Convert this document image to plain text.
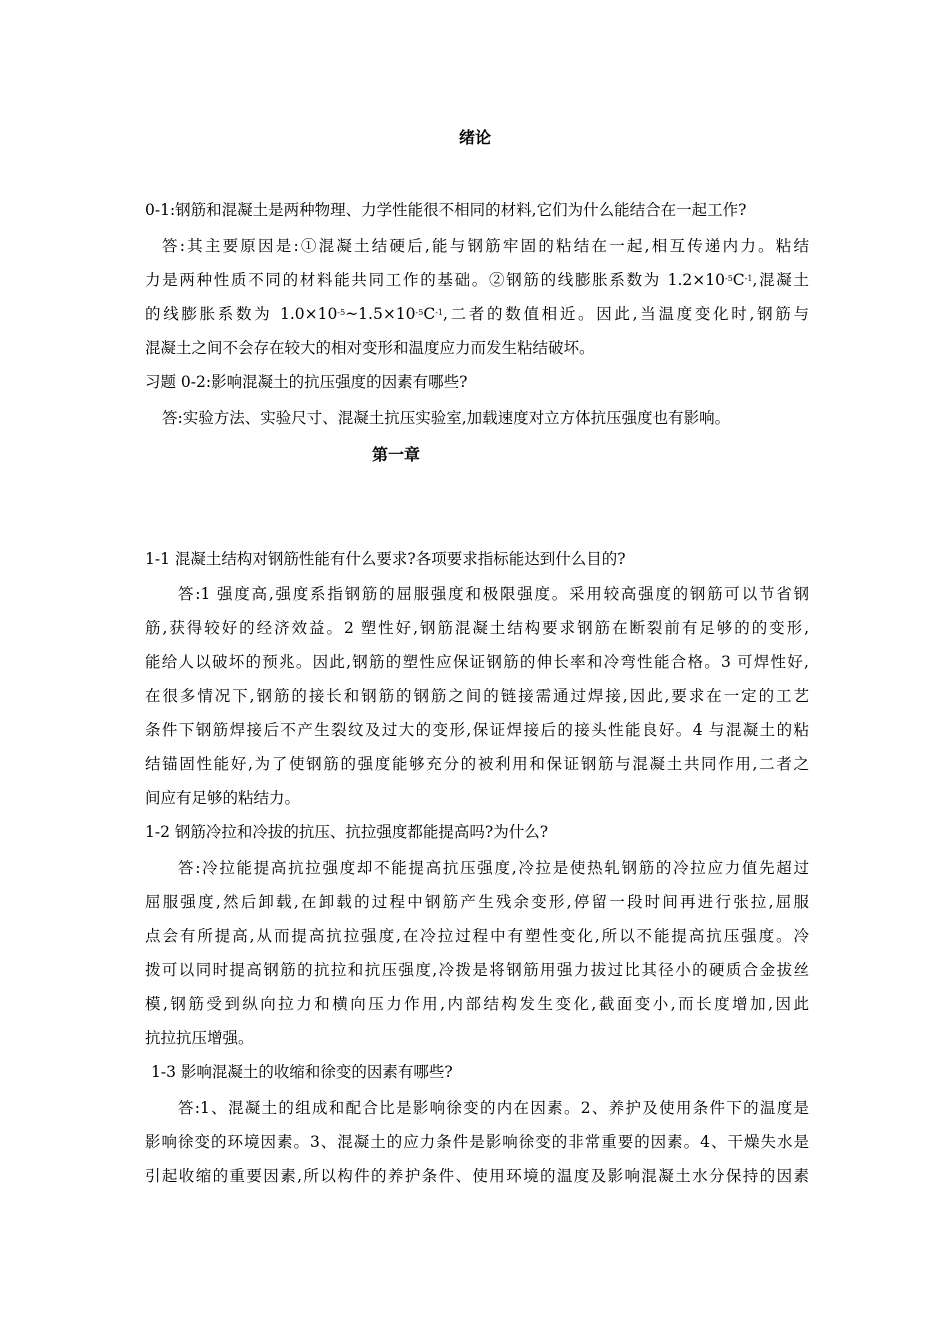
绪论
0-1:钢筋和混凝土是两种物理、力学性能很不相同的材料,它们为什么能结合在一起工作?
答:其主要原因是:①混凝土结硬后,能与钢筋牢固的粘结在一起,相互传递内力。粘结
力是两种性质不同的材料能共同工作的基础。②钢筋的线膨胀系数为 $1.2\times 10^{-5}C^{-1}$,混凝土
的线膨胀系数为 $1.0\times 10^{-5}\sim 1.5\times 10^{-5}C^{-1}$,二者的数值相近。因此,当温度变化时,钢筋与
混凝土之间不会存在较大的相对变形和温度应力而发生粘结破坏。
习题 0-2:影响混凝土的抗压强度的因素有哪些?
答:实验方法、实验尺寸、混凝土抗压实验室,加载速度对立方体抗压强度也有影响。
第一章
1-1 混凝土结构对钢筋性能有什么要求?各项要求指标能达到什么目的?
答:1 强度高,强度系指钢筋的屈服强度和极限强度。采用较高强度的钢筋可以节省钢
筋,获得较好的经济效益。2 塑性好,钢筋混凝土结构要求钢筋在断裂前有足够的的变形,
能给人以破坏的预兆。因此,钢筋的塑性应保证钢筋的伸长率和冷弯性能合格。3 可焊性好,
在很多情况下,钢筋的接长和钢筋的钢筋之间的链接需通过焊接,因此,要求在一定的工艺
条件下钢筋焊接后不产生裂纹及过大的变形,保证焊接后的接头性能良好。4 与混凝土的粘
结锚固性能好,为了使钢筋的强度能够充分的被利用和保证钢筋与混凝土共同作用,二者之
间应有足够的粘结力。
1-2 钢筋冷拉和冷拔的抗压、抗拉强度都能提高吗?为什么?
答:冷拉能提高抗拉强度却不能提高抗压强度,冷拉是使热轧钢筋的冷拉应力值先超过
屈服强度,然后卸载,在卸载的过程中钢筋产生残余变形,停留一段时间再进行张拉,屈服
点会有所提高,从而提高抗拉强度,在冷拉过程中有塑性变化,所以不能提高抗压强度。冷
拨可以同时提高钢筋的抗拉和抗压强度,冷拨是将钢筋用强力拔过比其径小的硬质合金拔丝
模,钢筋受到纵向拉力和横向压力作用,内部结构发生变化,截面变小,而长度增加,因此
抗拉抗压增强。
1-3 影响混凝土的收缩和徐变的因素有哪些?
答:1、混凝土的组成和配合比是影响徐变的内在因素。2、养护及使用条件下的温度是
影响徐变的环境因素。3、混凝土的应力条件是影响徐变的非常重要的因素。4、干燥失水是
引起收缩的重要因素,所以构件的养护条件、使用环境的温度及影响混凝土水分保持的因素
